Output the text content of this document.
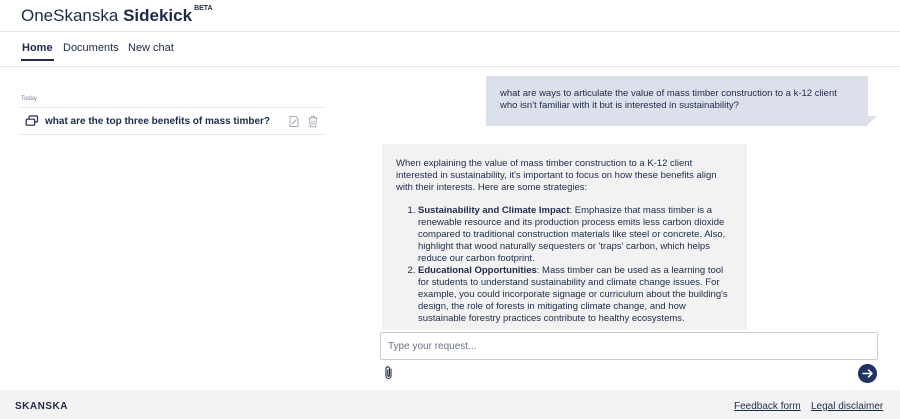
OneSkanska Sidekick $^{BETA}$
Home Documents New chat
Today
what are the top three benefits of mass timber?
what are ways to articulate the value of mass timber construction to a k-12 client who isn't familiar with it but is interested in sustainability?

When explaining the value of mass timber construction to a K-12 client interested in sustainability, it's important to focus on how these benefits align with their interests. Here are some strategies:

1. Sustainability and Climate Impact: Emphasize that mass timber is a renewable resource and its production process emits less carbon dioxide compared to traditional construction materials like steel or concrete. Also, highlight that wood naturally sequesters or 'traps' carbon, which helps reduce our carbon footprint.
2. Educational Opportunities: Mass timber can be used as a learning tool for students to understand sustainability and climate change issues. For example, you could incorporate signage or curriculum about the building's design, the role of forests in mitigating climate change, and how sustainable forestry practices contribute to healthy ecosystems.
Type your request...
SKANSKA	Feedback form Legal disclaimer
